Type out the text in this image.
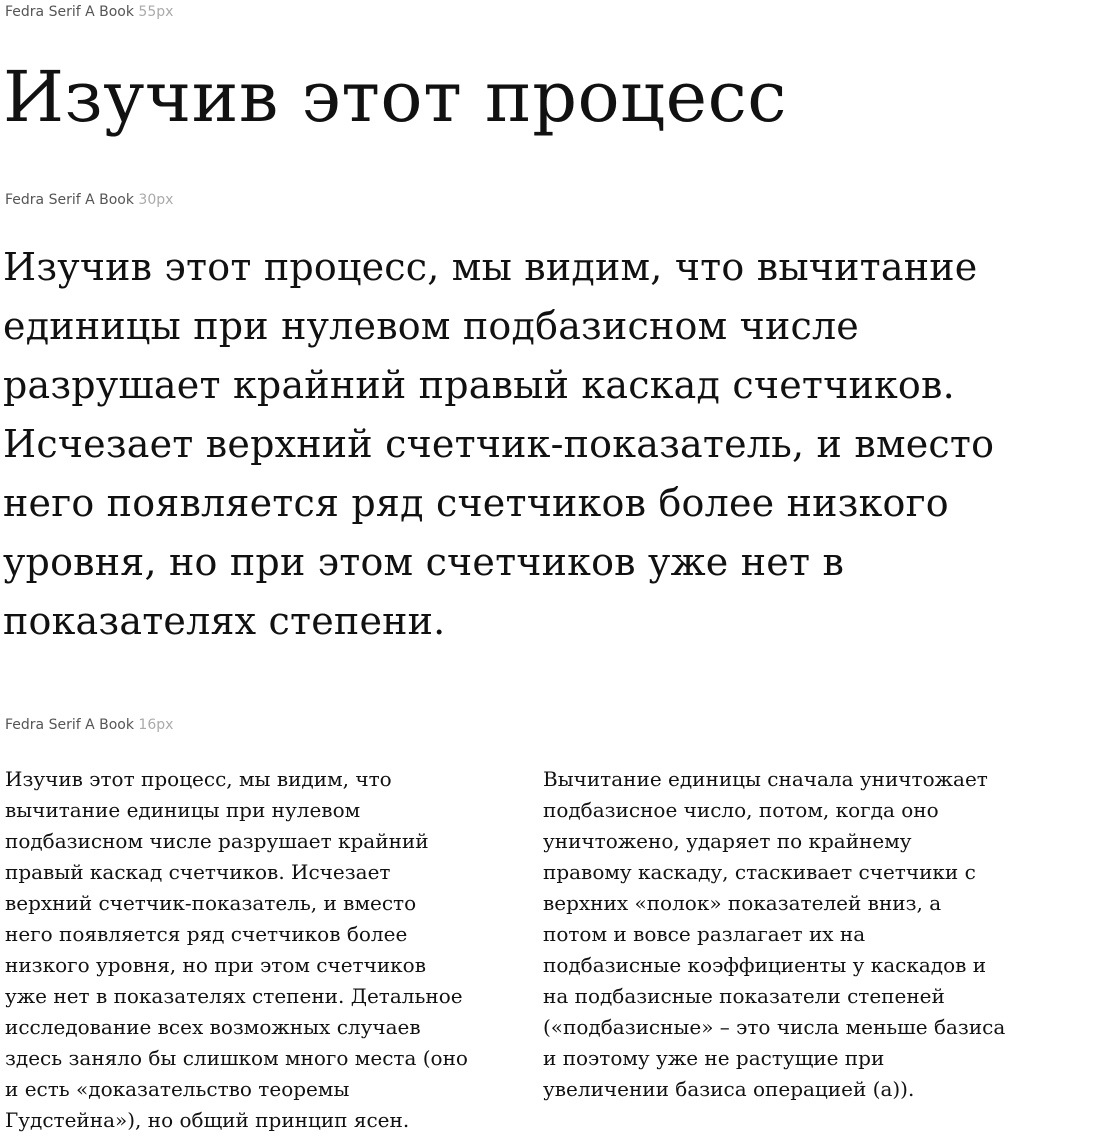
Fedra Serif A Book 55px
Изучив этот процесс
Fedra Serif A Book 30px
Изучив этот процесс, мы видим, что вычитание
единицы при нулевом подбазисном числе
разрушает крайний правый каскад счетчиков.
Исчезает верхний счетчик-показатель, и вместо
него появляется ряд счетчиков более низкого
уровня, но при этом счетчиков уже нет в
показателях степени.
Fedra Serif A Book 16px
Изучив этот процесс, мы видим, что
вычитание единицы при нулевом
подбазисном числе разрушает крайний
правый каскад счетчиков. Исчезает
верхний счетчик-показатель, и вместо
него появляется ряд счетчиков более
низкого уровня, но при этом счетчиков
уже нет в показателях степени. Детальное
исследование всех возможных случаев
здесь заняло бы слишком много места (оно
и есть «доказательство теоремы
Гудстейна»), но общий принцип ясен.
Вычитание единицы сначала уничтожает
подбазисное число, потом, когда оно
уничтожено, ударяет по крайнему
правому каскаду, стаскивает счетчики с
верхних «полок» показателей вниз, а
потом и вовсе разлагает их на
подбазисные коэффициенты у каскадов и
на подбазисные показатели степеней
(«подбазисные» – это числа меньше базиса
и поэтому уже не растущие при
увеличении базиса операцией (a)).
